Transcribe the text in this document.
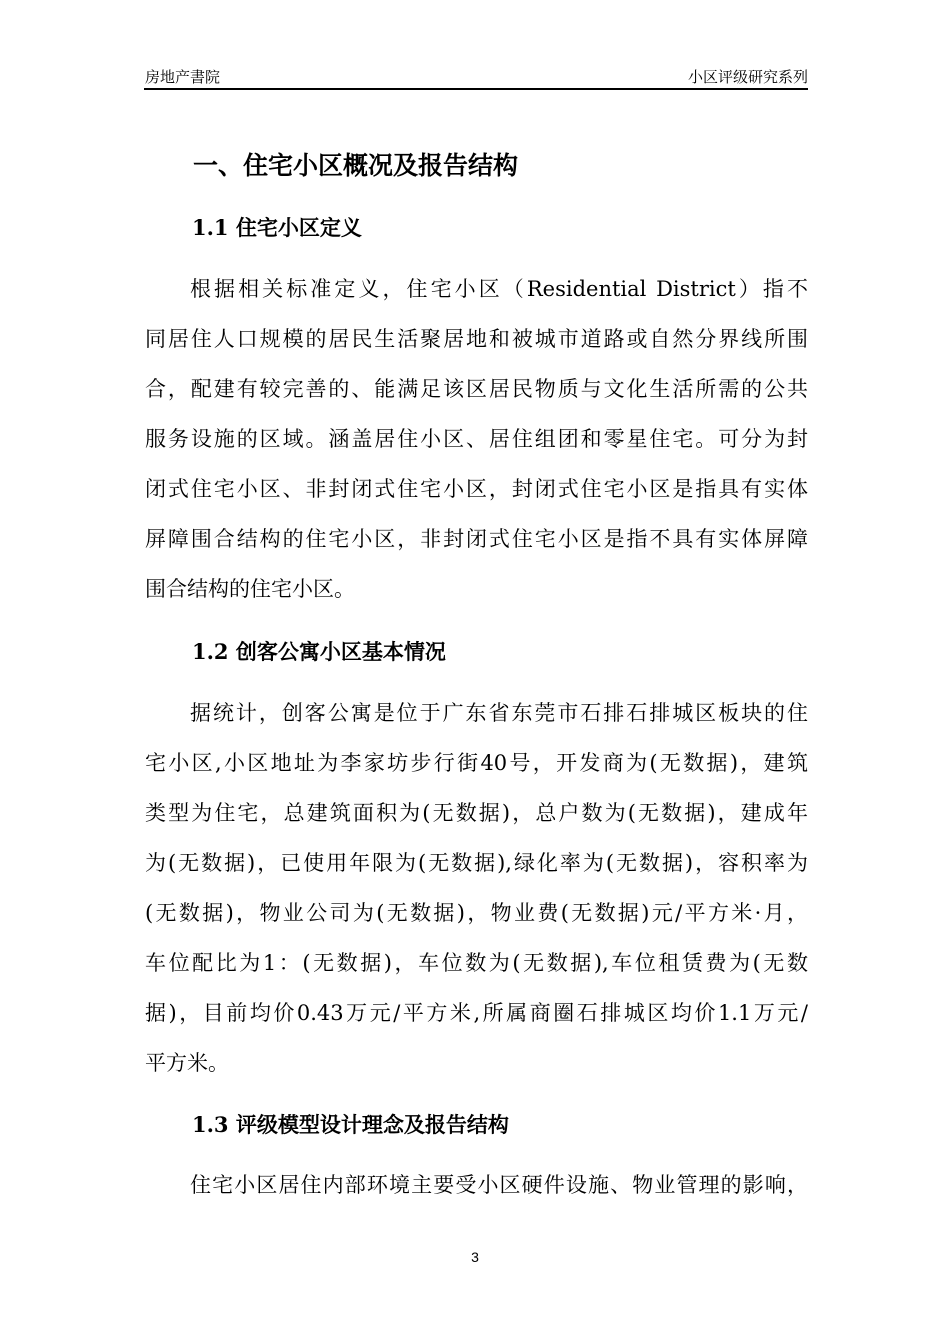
房地产書院	小区评级研究系列
一、住宅小区概况及报告结构
1.1 住宅小区定义
根据相关标准定义，住宅小区（Residential District）指不
同居住人口规模的居民生活聚居地和被城市道路或自然分界线所围
合，配建有较完善的、能满足该区居民物质与文化生活所需的公共
服务设施的区域。涵盖居住小区、居住组团和零星住宅。可分为封
闭式住宅小区、非封闭式住宅小区，封闭式住宅小区是指具有实体
屏障围合结构的住宅小区，非封闭式住宅小区是指不具有实体屏障
围合结构的住宅小区。
1.2 创客公寓小区基本情况
据统计，创客公寓是位于广东省东莞市石排石排城区板块的住
宅小区,小区地址为李家坊步行街40号，开发商为(无数据)，建筑
类型为住宅，总建筑面积为(无数据)，总户数为(无数据)，建成年
为(无数据)，已使用年限为(无数据),绿化率为(无数据)，容积率为
(无数据)，物业公司为(无数据)，物业费(无数据)元/平方米·月，
车位配比为1：(无数据)，车位数为(无数据),车位租赁费为(无数
据)，目前均价0.43万元/平方米,所属商圈石排城区均价1.1万元/
平方米。
1.3 评级模型设计理念及报告结构
住宅小区居住内部环境主要受小区硬件设施、物业管理的影响，
3
